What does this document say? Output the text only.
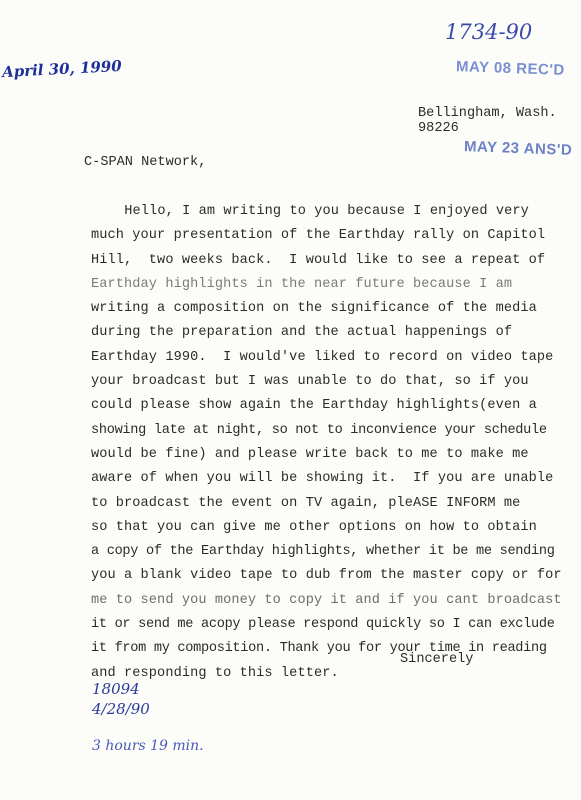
April 30, 1990
1734-90
MAY 08 REC'D
Bellingham, Wash. 98226
MAY 23 ANS'D
C-SPAN Network,
Hello, I am writing to you because I enjoyed very
much your presentation of the Earthday rally on Capitol
Hill,  two weeks back.  I would like to see a repeat of
Earthday highlights in the near future because I am
writing a composition on the significance of the media
during the preparation and the actual happenings of
Earthday 1990.  I would've liked to record on video tape
your broadcast but I was unable to do that, so if you
could please show again the Earthday highlights(even a
showing late at night, so not to inconvience your schedule
would be fine) and please write back to me to make me
aware of when you will be showing it.  If you are unable
to broadcast the event on TV again, pleASE INFORM me
so that you can give me other options on how to obtain
a copy of the Earthday highlights, whether it be me sending
you a blank video tape to dub from the master copy or for
me to send you money to copy it and if you cant broadcast
it or send me acopy please respond quickly so I can exclude
it from my composition. Thank you for your time in reading
and responding to this letter.
Sincerely
18094
4/28/90
3 hours 19 min.
